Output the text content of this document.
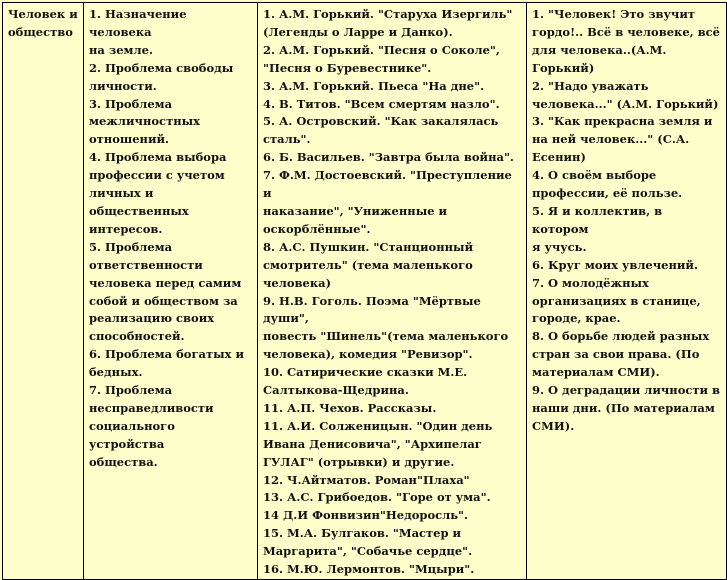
Человек и
общество	1. Назначение человека
на земле.
2. Проблема свободы
личности.
3. Проблема
межличностных
отношений.
4. Проблема выбора
профессии с учетом
личных и
общественных
интересов.
5. Проблема
ответственности
человека перед самим
собой и обществом за
реализацию своих
способностей.
6. Проблема богатых и
бедных.
7. Проблема
несправедливости
социального устройства
общества.	1. А.М. Горький. "Старуха Изергиль"
(Легенды о Ларре и Данко).
2. А.М. Горький. "Песня о Соколе",
"Песня о Буревестнике".
3. А.М. Горький. Пьеса "На дне".
4. В. Титов. "Всем смертям назло".
5. А. Островский. "Как закалялась
сталь".
6. Б. Васильев. "Завтра была война".
7. Ф.М. Достоевский. "Преступление и
наказание", "Униженные и
оскорблённые".
8. А.С. Пушкин. "Станционный
смотритель" (тема маленького
человека)
9. Н.В. Гоголь. Поэма "Мёртвые души",
повесть "Шинель"(тема маленького
человека), комедия "Ревизор".
10. Сатирические сказки М.Е.
Салтыкова-Щедрина.
11. А.П. Чехов. Рассказы.
11. А.И. Солженицын. "Один день
Ивана Денисовича", "Архипелаг
ГУЛАГ" (отрывки) и другие.
12. Ч.Айтматов. Роман"Плаха"
13. А.С. Грибоедов. "Горе от ума".
14 Д.И Фонвизин"Недоросль".
15. М.А. Булгаков. "Мастер и
Маргарита", "Собачье сердце".
16. М.Ю. Лермонтов. "Мцыри".	1. "Человек! Это звучит
гордо!.. Всё в человеке, всё
для человека..(А.М.
Горький)
2. "Надо уважать
человека..." (А.М. Горький)
3. "Как прекрасна земля и
на ней человек..." (С.А.
Есенин)
4. О своём выборе
профессии, её пользе.
5. Я и коллектив, в котором
я учусь.
6. Круг моих увлечений.
7. О молодёжных
организациях в станице,
городе, крае.
8. О борьбе людей разных
стран за свои права. (По
материалам СМИ).
9. О деградации личности в
наши дни. (По материалам
СМИ).	
